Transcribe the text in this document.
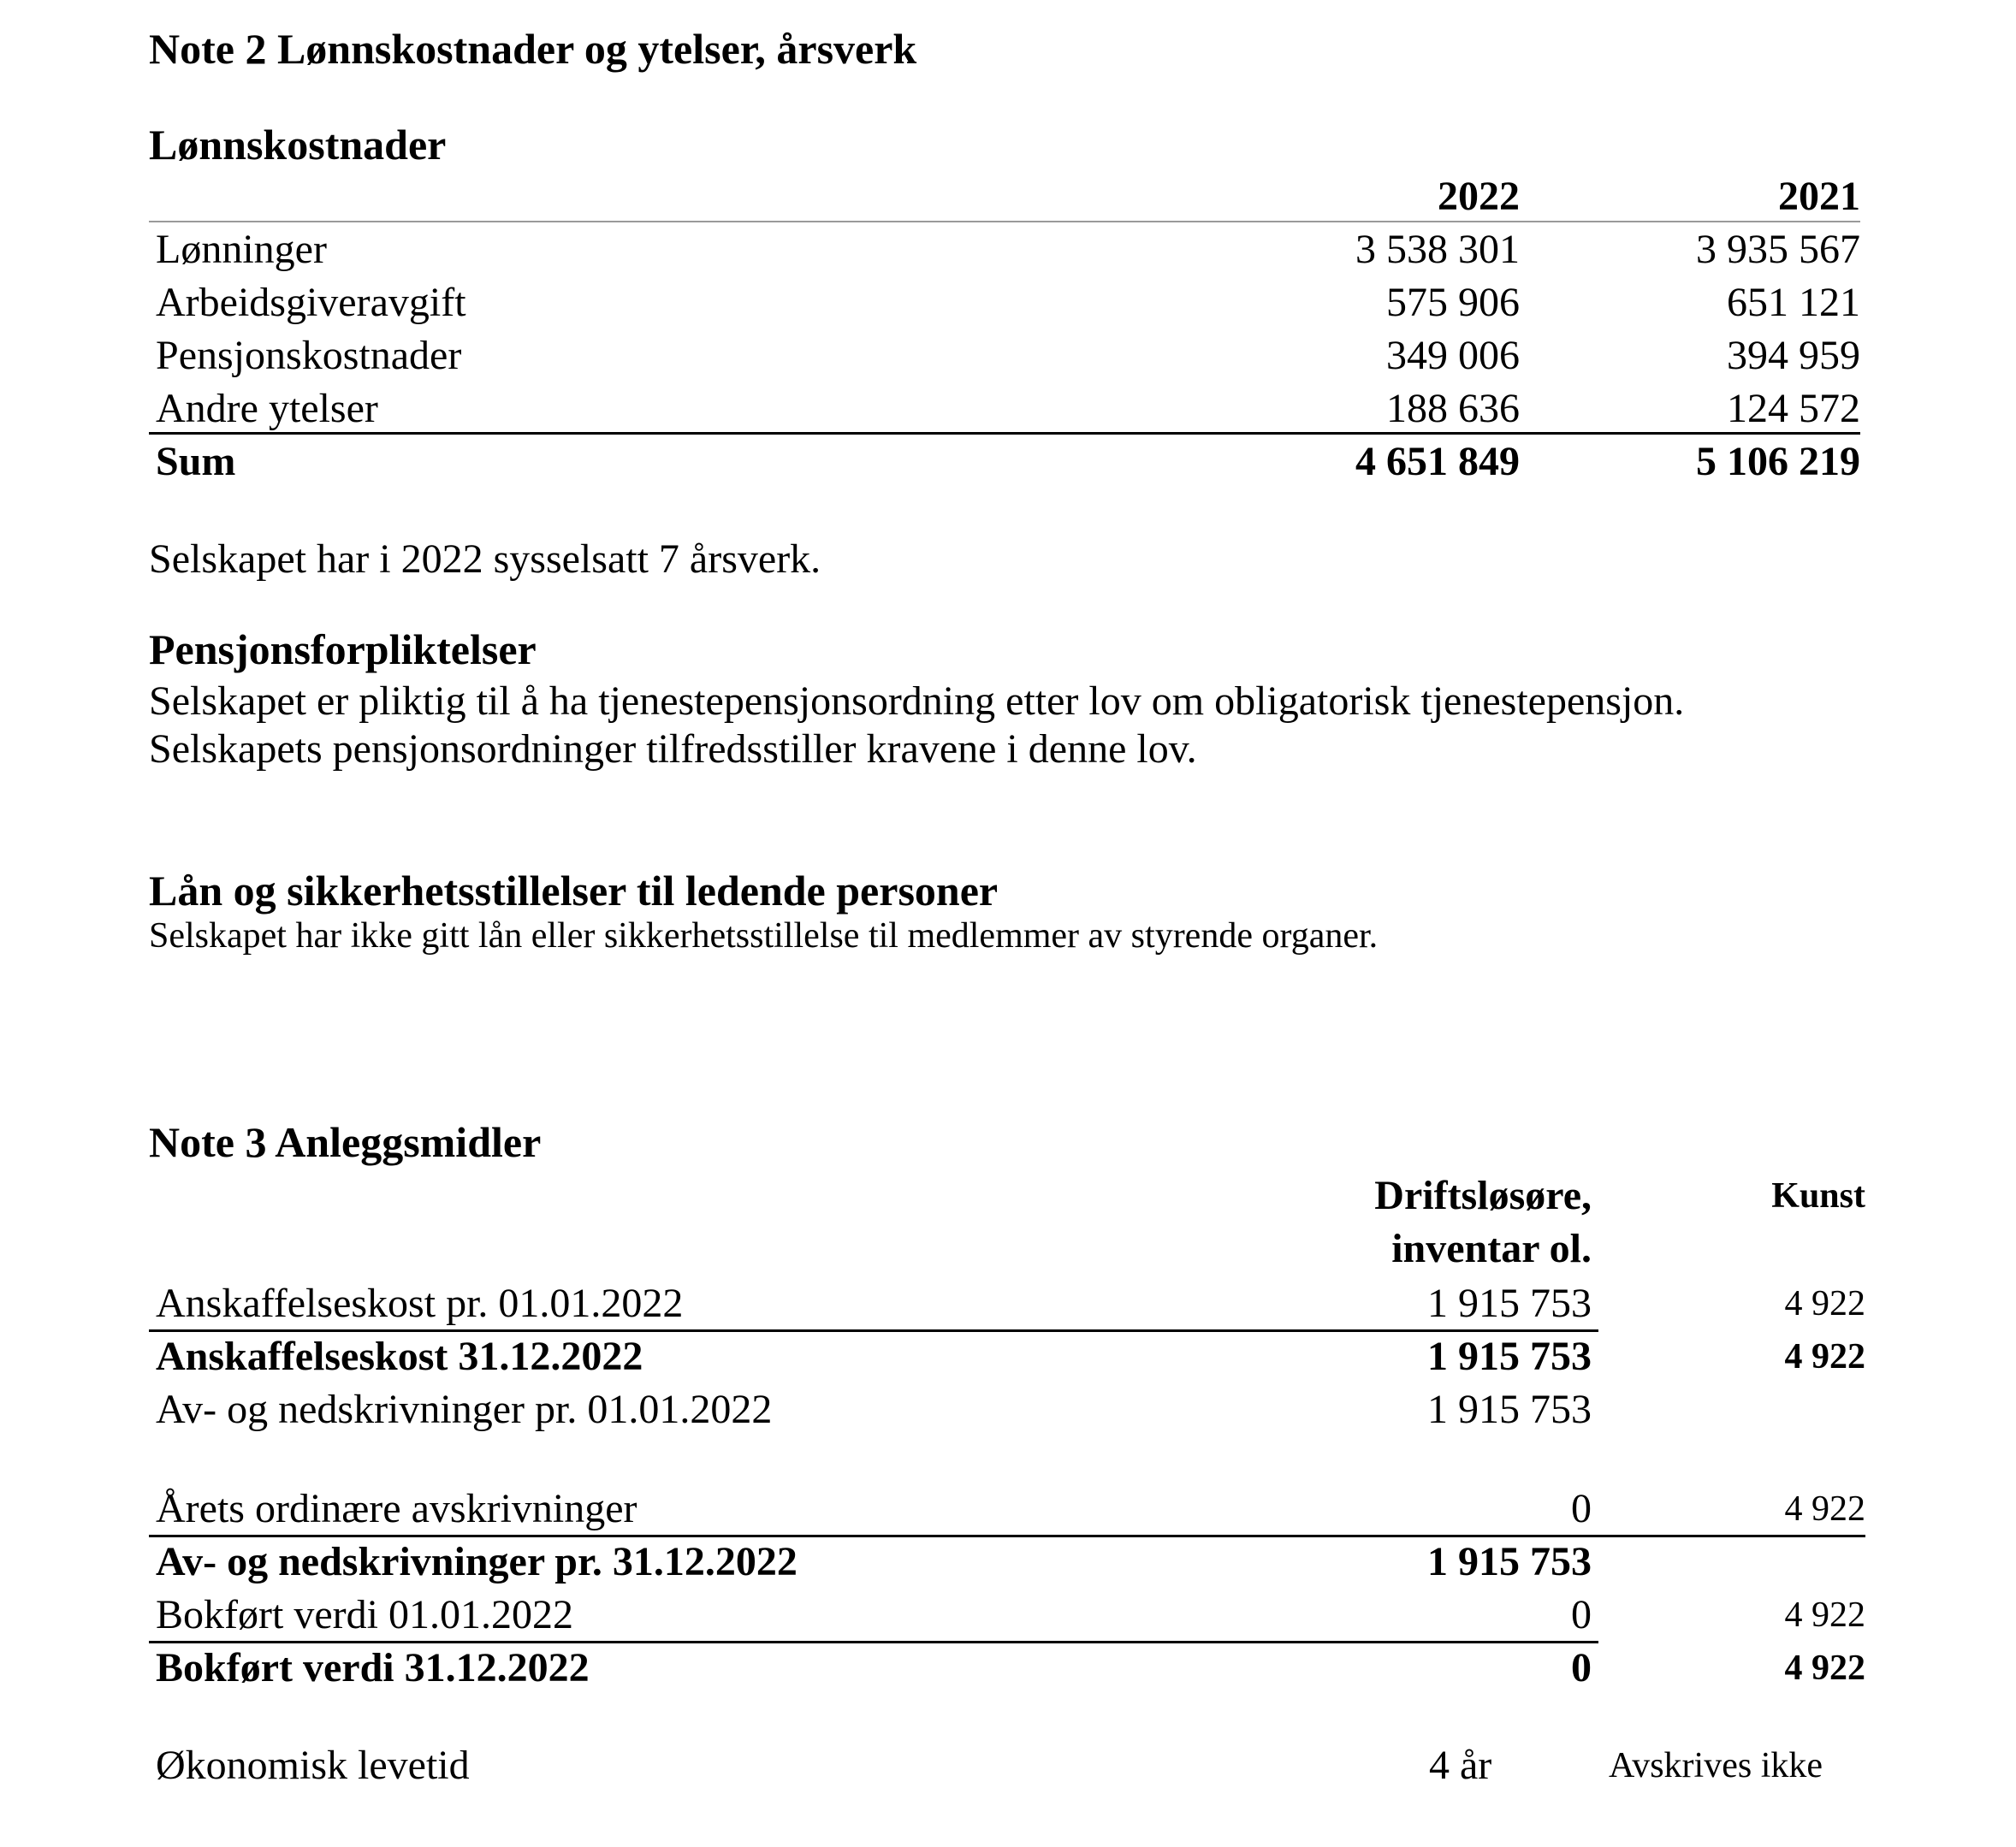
Note 2 Lønnskostnader og ytelser, årsverk
Lønnskostnader
2022	2021
Lønninger	3 538 301	3 935 567
Arbeidsgiveravgift	575 906	651 121
Pensjonskostnader	349 006	394 959
Andre ytelser	188 636	124 572
Sum	4 651 849	5 106 219
Selskapet har i 2022 sysselsatt 7 årsverk.
Pensjonsforpliktelser
Selskapet er pliktig til å ha tjenestepensjonsordning etter lov om obligatorisk tjenestepensjon.
Selskapets pensjonsordninger tilfredsstiller kravene i denne lov.
Lån og sikkerhetsstillelser til ledende personer
Selskapet har ikke gitt lån eller sikkerhetsstillelse til medlemmer av styrende organer.
Note 3 Anleggsmidler
Driftsløsøre,
inventar ol.
Kunst
Anskaffelseskost pr. 01.01.2022	1 915 753	4 922
Anskaffelseskost 31.12.2022	1 915 753	4 922
Av- og nedskrivninger pr. 01.01.2022	1 915 753
Årets ordinære avskrivninger	0	4 922
Av- og nedskrivninger pr. 31.12.2022	1 915 753
Bokført verdi 01.01.2022	0	4 922
Bokført verdi 31.12.2022	0	4 922
Økonomisk levetid	4 år	Avskrives ikke
